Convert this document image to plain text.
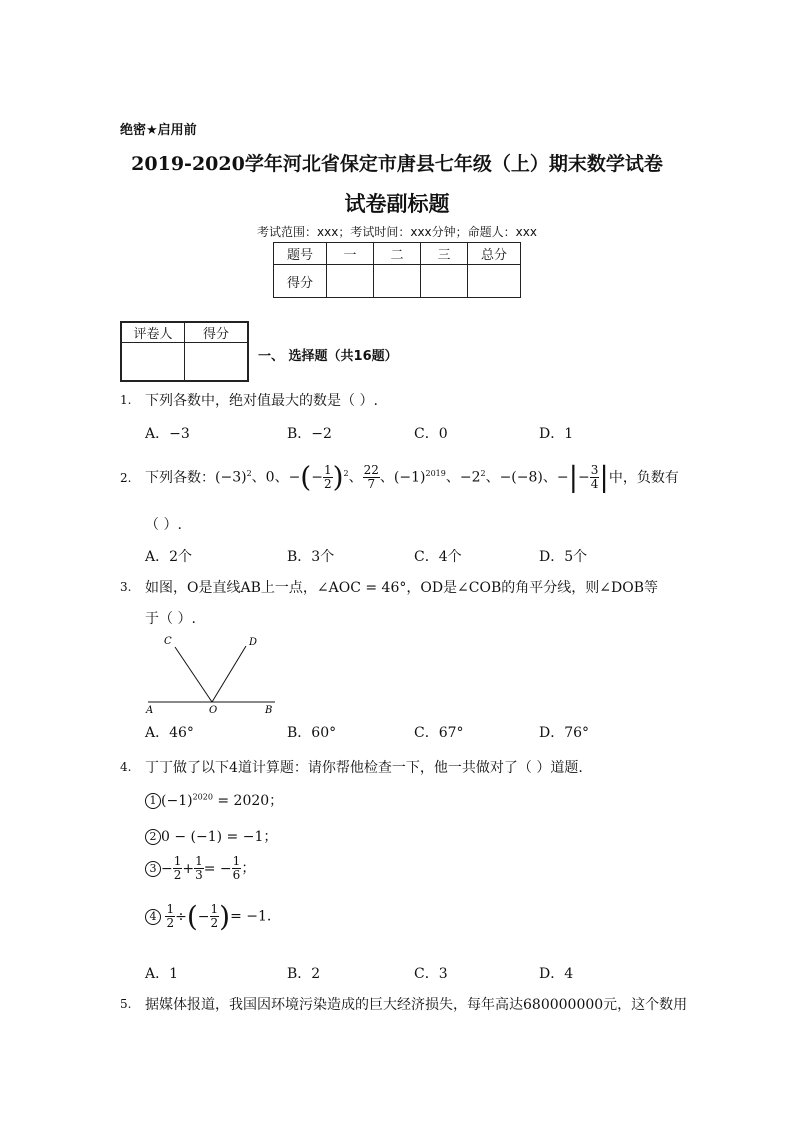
绝密★启用前
2019-2020学年河北省保定市唐县七年级（上）期末数学试卷
试卷副标题
考试范围：xxx；考试时间：xxx分钟；命题人：xxx
题号	一	二	三	总分
得分				
评卷人	得分

一、 选择题（共16题）
1. 下列各数中，绝对值最大的数是（ ）.
A．−3	B．−2	C．0	D．1
2. 下列各数： $(-3)^2$、0、−(− $\frac{1}{2} )^2$、 $\frac{22}{7}$ 、$(-1)^{2019}$、$-2^2$、−(−8)、−|− $\frac{3}{4}$ | 中，负数有
（ ）.
A．2个	B．3个	C．4个	D．5个
3. 如图，O是直线AB上一点，∠AOC = 46°，OD是∠COB的角平分线，则∠DOB等
于（ ）.
C	D
A	O	B
A．46°	B．60°	C．67°	D．76°
4. 丁丁做了以下4道计算题：请你帮他检查一下，他一共做对了（ ）道题.
1 $(-1)^{2020} = 2020$；
2 0 − (−1) = −1；
$3 - \frac{1}{2} + \frac{1}{3}$ = − $\frac{1}{6}$ ；
$4 \frac{1}{2}$ ÷(− $\frac{1}{2}$ )= −1.
A．1	B．2	C．3	D．4
5. 据媒体报道，我国因环境污染造成的巨大经济损失，每年高达680000000元，这个数用
